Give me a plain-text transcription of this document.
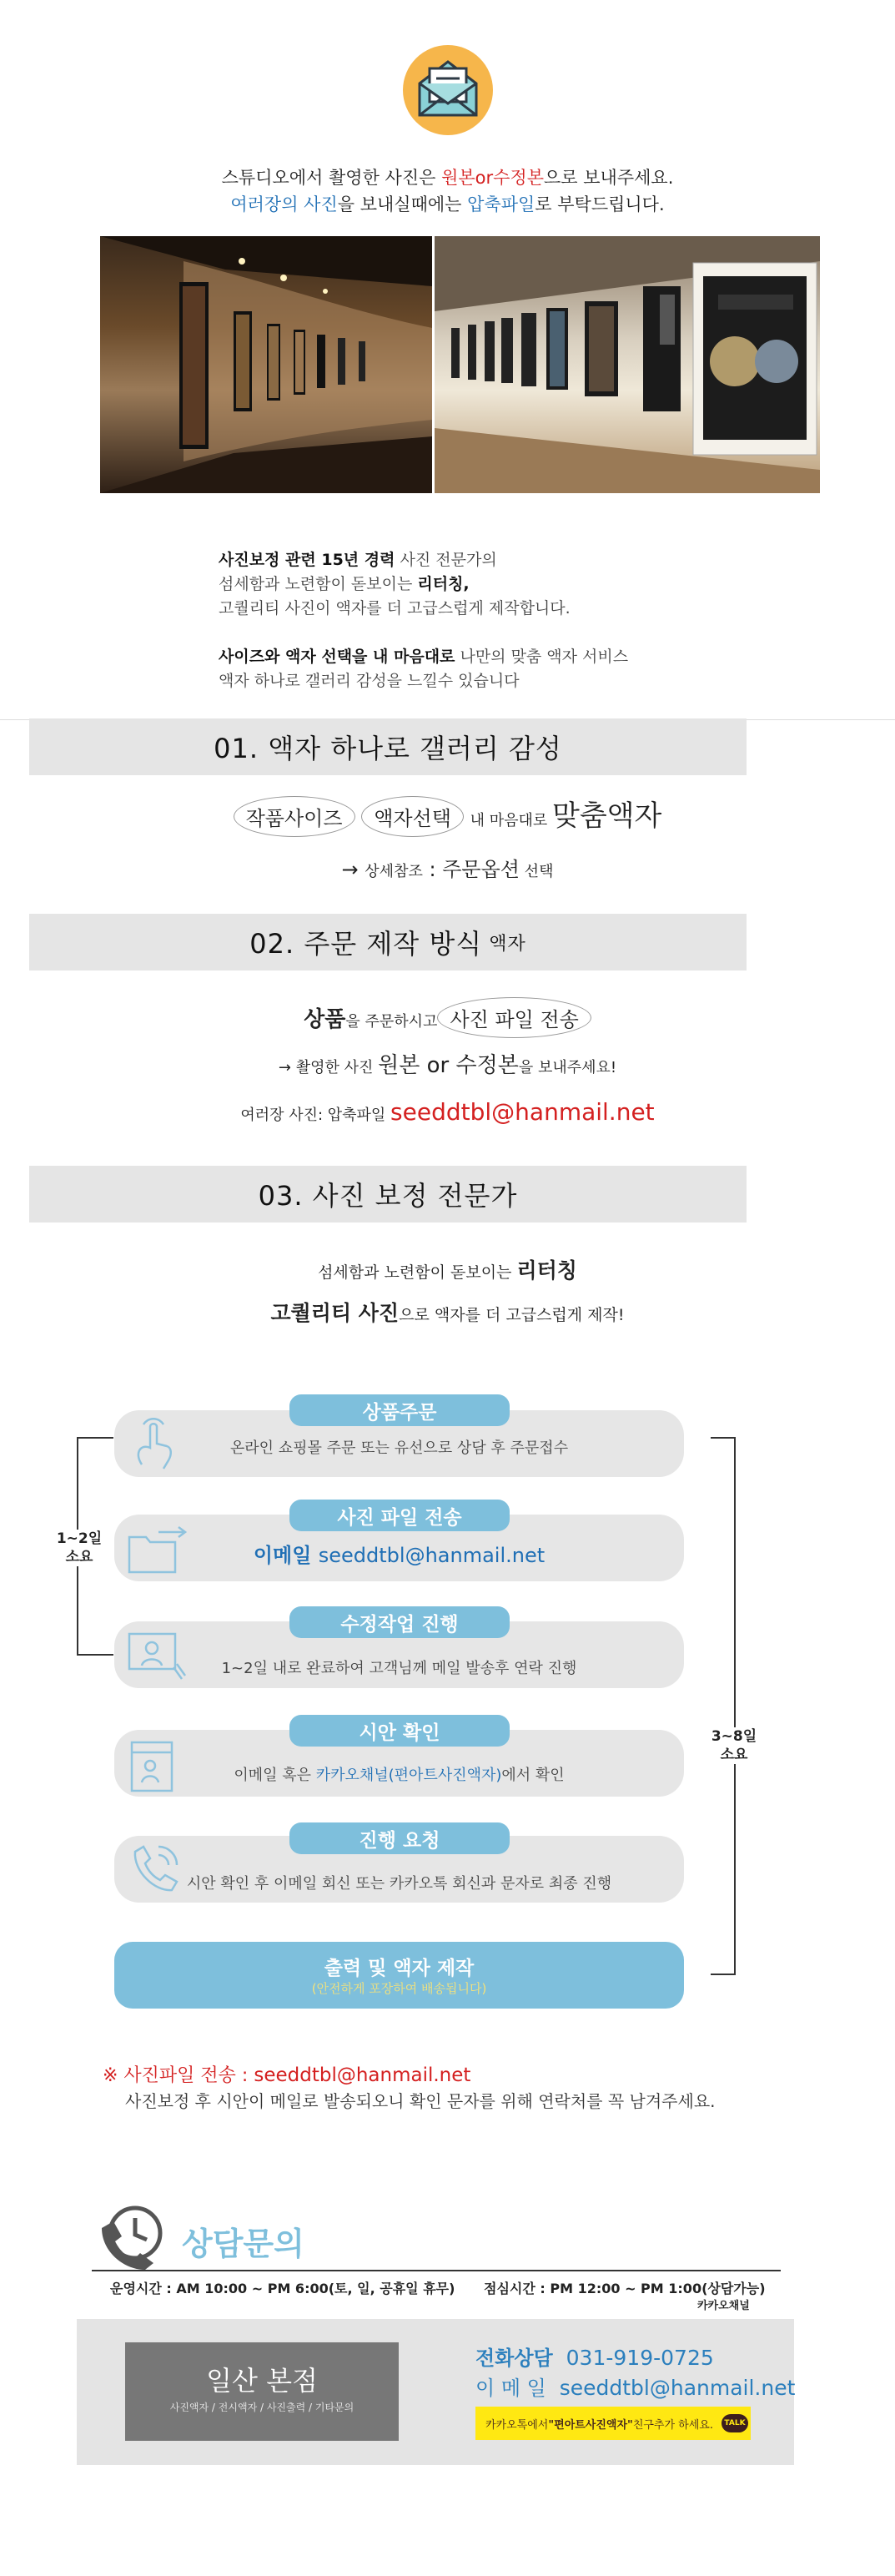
스튜디오에서 촬영한 사진은 원본or수정본으로 보내주세요.
여러장의 사진을 보내실때에는 압축파일로 부탁드립니다.
사진보정 관련 15년 경력 사진 전문가의
섬세함과 노련함이 돋보이는 리터칭,
고퀄리티 사진이 액자를 더 고급스럽게 제작합니다.
사이즈와 액자 선택을 내 마음대로 나만의 맞춤 액자 서비스
액자 하나로 갤러리 감성을 느낄수 있습니다
01. 액자 하나로 갤러리 감성
작품사이즈 액자선택 내 마음대로 맞춤액자
→ 상세참조 : 주문옵션 선택
02. 주문 제작 방식 액자
상품을 주문하시고 사진 파일 전송
→ 촬영한 사진 원본 or 수정본을 보내주세요!
여러장 사진: 압축파일 seeddtbl@hanmail.net
03. 사진 보정 전문가
섬세함과 노련함이 돋보이는 리터칭
고퀄리티 사진으로 액자를 더 고급스럽게 제작!
1~2일
소요
3~8일
소요
상품주문
온라인 쇼핑몰 주문 또는 유선으로 상담 후 주문접수
사진 파일 전송
이메일 seeddtbl@hanmail.net
수정작업 진행
1~2일 내로 완료하여 고객님께 메일 발송후 연락 진행
시안 확인
이메일 혹은 카카오채널(편아트사진액자)에서 확인
진행 요청
시안 확인 후 이메일 회신 또는 카카오톡 회신과 문자로 최종 진행
출력 및 액자 제작
(안전하게 포장하여 배송됩니다)
※ 사진파일 전송 : seeddtbl@hanmail.net
사진보정 후 시안이 메일로 발송되오니 확인 문자를 위해 연락처를 꼭 남겨주세요.
상담문의
운영시간 : AM 10:00 ~ PM 6:00(토, 일, 공휴일 휴무) 점심시간 : PM 12:00 ~ PM 1:00(상담가능)
카카오채널
일산 본점
사진액자 / 전시액자 / 사진출력 / 기타문의
전화상담 031-919-0725
이 메 일 seeddtbl@hanmail.net
카카오톡에서 "편아트사진액자" 친구추가 하세요.	TALK
